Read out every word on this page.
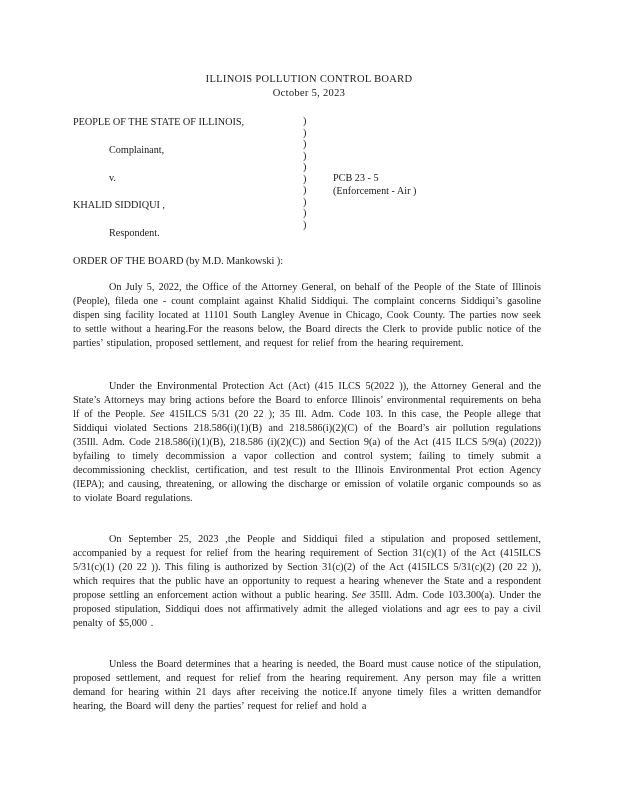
ILLINOIS POLLUTION CONTROL BOARD
October 5, 2023
PEOPLE OF THE STATE OF ILLINOIS,
Complainant,
v.
KHALID SIDDIQUI ,
Respondent.
)
)
)
)
)
)
)
)
)
)
PCB 23 - 5
(Enforcement - Air )
ORDER OF THE BOARD (by M.D. Mankowski ):
On July 5, 2022, the Office of the Attorney General, on behalf of the People of the State of Illinois (People), fileda one - count complaint against Khalid Siddiqui. The complaint concerns Siddiqui’s gasoline dispen sing facility located at 11101 South Langley Avenue in Chicago, Cook County. The parties now seek to settle without a hearing.For the reasons below, the Board directs the Clerk to provide public notice of the parties’ stipulation, proposed settlement, and request for relief from the hearing requirement.
Under the Environmental Protection Act (Act) (415 ILCS 5(2022 )), the Attorney General and the State’s Attorneys may bring actions before the Board to enforce Illinois’ environmental requirements on beha lf of the People. See 415ILCS 5/31 (20 22 ); 35 Ill. Adm. Code 103. In this case, the People allege that Siddiqui violated Sections 218.586(i)(1)(B) and 218.586(i)(2)(C) of the Board’s air pollution regulations (35Ill. Adm. Code 218.586(i)(1)(B), 218.586 (i)(2)(C)) and Section 9(a) of the Act (415 ILCS 5/9(a) (2022)) byfailing to timely decommission a vapor collection and control system; failing to timely submit a decommissioning checklist, certification, and test result to the Illinois Environmental Prot ection Agency (IEPA); and causing, threatening, or allowing the discharge or emission of volatile organic compounds so as to violate Board regulations.
On September 25, 2023 ,the People and Siddiqui filed a stipulation and proposed settlement, accompanied by a request for relief from the hearing requirement of Section 31(c)(1) of the Act (415ILCS 5/31(c)(1) (20 22 )). This filing is authorized by Section 31(c)(2) of the Act (415ILCS 5/31(c)(2) (20 22 )), which requires that the public have an opportunity to request a hearing whenever the State and a respondent propose settling an enforcement action without a public hearing. See 35Ill. Adm. Code 103.300(a). Under the proposed stipulation, Siddiqui does not affirmatively admit the alleged violations and agr ees to pay a civil penalty of $5,000 .
Unless the Board determines that a hearing is needed, the Board must cause notice of the stipulation, proposed settlement, and request for relief from the hearing requirement. Any person may file a written demand for hearing within 21 days after receiving the notice.If anyone timely files a written demandfor hearing, the Board will deny the parties’ request for relief and hold a
